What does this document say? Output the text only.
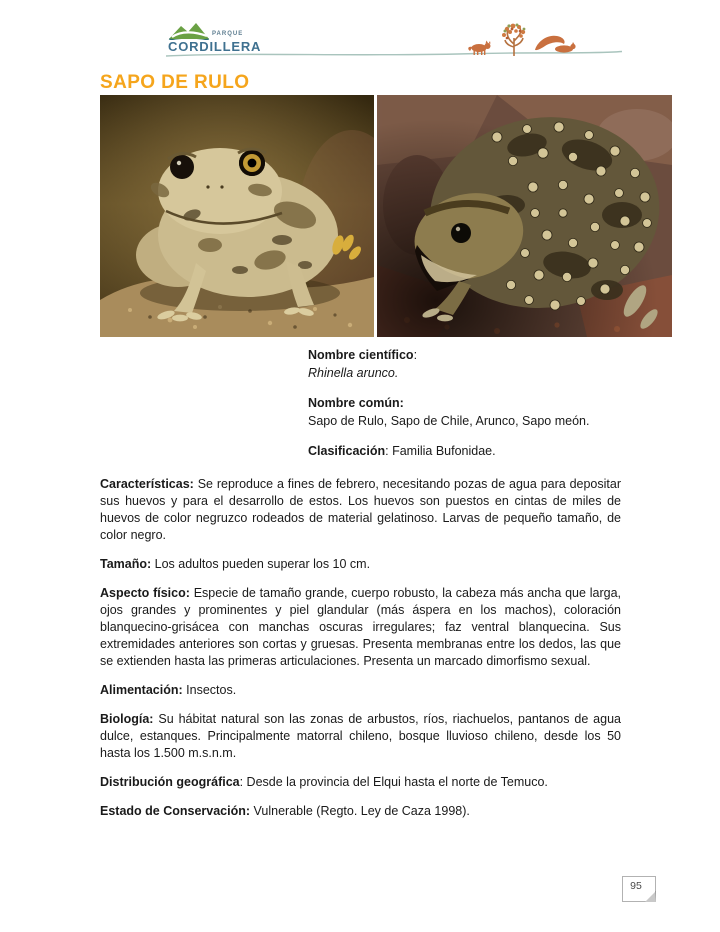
PARQUE
CORDILLERA
SAPO DE RULO

Nombre científico:
Rhinella arunco.

Nombre común:
Sapo de Rulo, Sapo de Chile, Arunco, Sapo meón.

Clasificación: Familia Bufonidae.

Características: Se reproduce a fines de febrero, necesitando pozas de agua para depositar sus huevos y para el desarrollo de estos. Los huevos son puestos en cintas de miles de huevos de color negruzco rodeados de material gelatinoso. Larvas de pequeño tamaño, de color negro.

Tamaño: Los adultos pueden superar los 10 cm.

Aspecto físico: Especie de tamaño grande, cuerpo robusto, la cabeza más ancha que larga, ojos grandes y prominentes y piel glandular (más áspera en los machos), coloración blanquecino-grisácea con manchas oscuras irregulares; faz ventral blanquecina. Sus extremidades anteriores son cortas y gruesas. Presenta membranas entre los dedos, las que se extienden hasta las primeras articulaciones. Presenta un marcado dimorfismo sexual.

Alimentación: Insectos.

Biología: Su hábitat natural son las zonas de arbustos, ríos, riachuelos, pantanos de agua dulce, estanques. Principalmente matorral chileno, bosque lluvioso chileno, desde los 50 hasta los 1.500 m.s.n.m.

Distribución geográfica: Desde la provincia del Elqui hasta el norte de Temuco.

Estado de Conservación: Vulnerable (Regto. Ley de Caza 1998).

95
